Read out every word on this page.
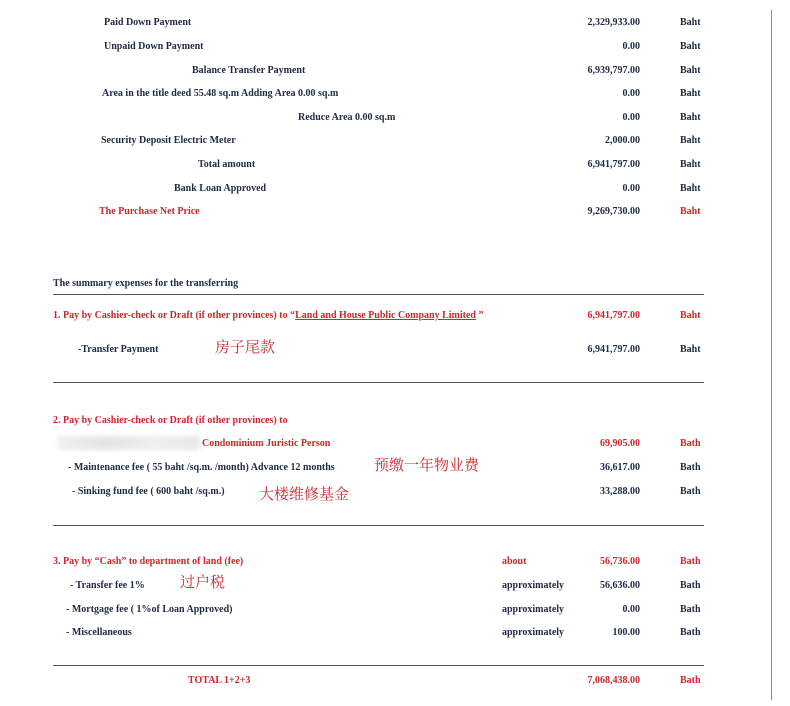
Paid Down Payment	2,329,933.00	Baht
Unpaid Down Payment	0.00	Baht
Balance Transfer Payment	6,939,797.00	Baht
Area in the title deed 55.48 sq.m Adding Area 0.00 sq.m	0.00	Baht
Reduce Area 0.00 sq.m	0.00	Baht
Security Deposit Electric Meter	2,000.00	Baht
Total amount	6,941,797.00	Baht
Bank Loan Approved	0.00	Baht
The Purchase Net Price	9,269,730.00	Baht
The summary expenses for the transferring
1. Pay by Cashier-check or Draft (if other provinces) to “Land and House Public Company Limited ”	6,941,797.00	Baht
-Transfer Payment	房子尾款	6,941,797.00	Baht
2. Pay by Cashier-check or Draft (if other provinces) to
Condominium Juristic Person	69,905.00	Bath
- Maintenance fee ( 55 baht /sq.m. /month) Advance 12 months	预缴一年物业费	36,617.00	Bath
- Sinking fund fee ( 600 baht /sq.m.) 大楼维修基金	33,288.00	Bath
3. Pay by “Cash” to department of land (fee)	about	56,736.00	Bath
- Transfer fee 1% 过户税	approximately	56,636.00	Bath
- Mortgage fee ( 1%of Loan Approved)	approximately	0.00	Bath
- Miscellaneous	approximately	100.00	Bath
TOTAL 1+2+3	7,068,438.00	Bath
